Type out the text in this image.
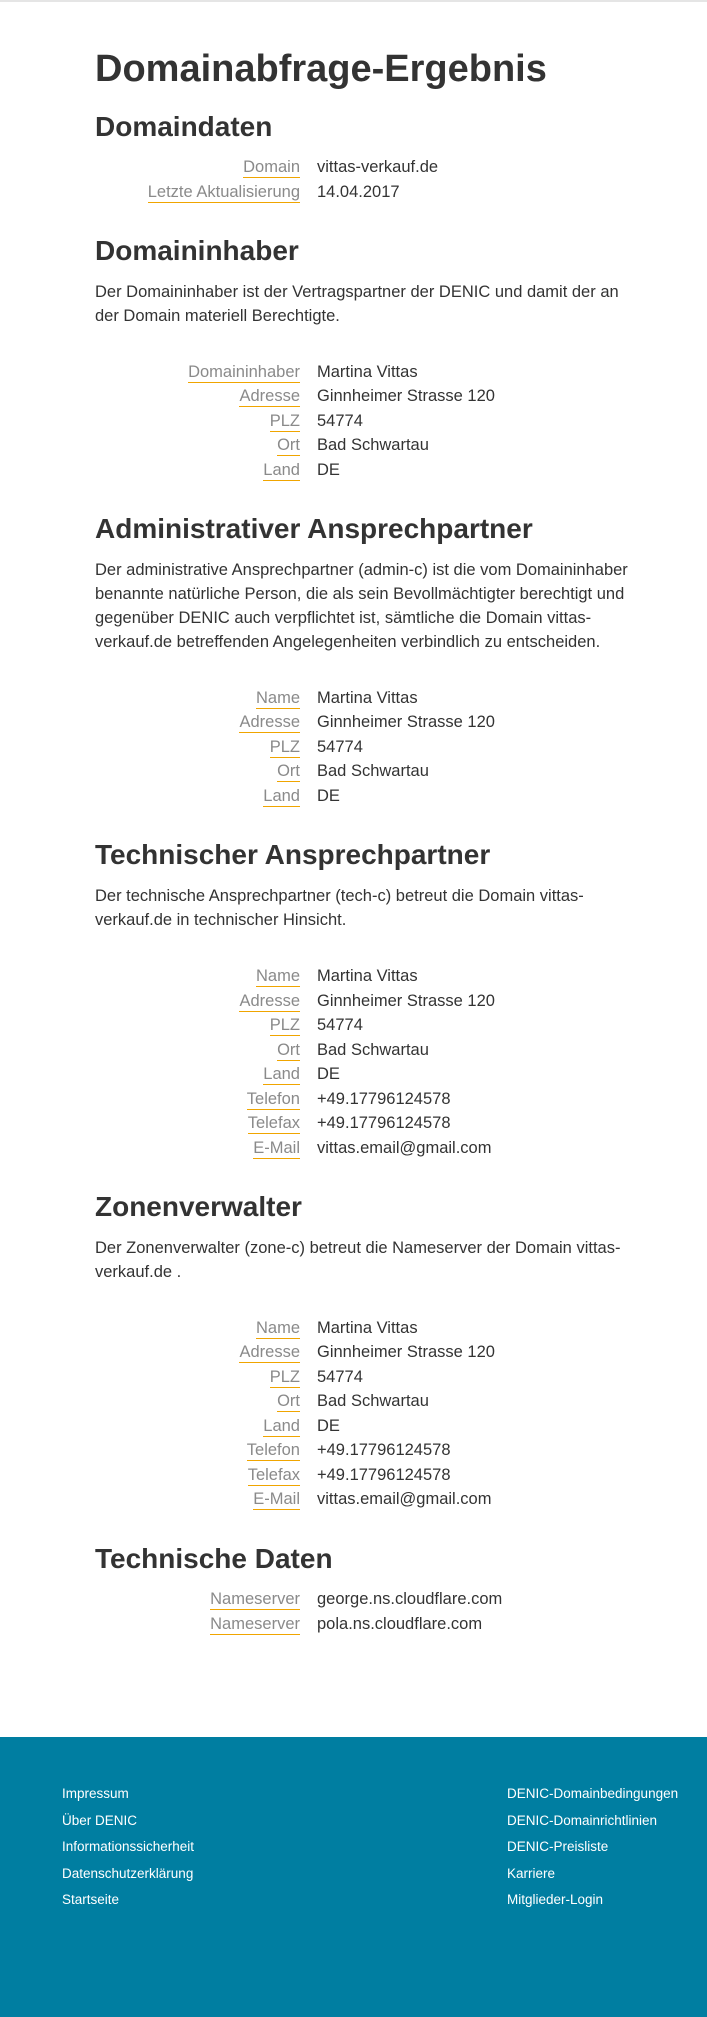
Domainabfrage-Ergebnis
Domaindaten
Domain	vittas-verkauf.de
Letzte Aktualisierung	14.04.2017
Domaininhaber

Der Domaininhaber ist der Vertragspartner der DENIC und damit der an der Domain materiell Berechtigte.

Domaininhaber	Martina Vittas
Adresse	Ginnheimer Strasse 120
PLZ	54774
Ort	Bad Schwartau
Land	DE
Administrativer Ansprechpartner

Der administrative Ansprechpartner (admin-c) ist die vom Domaininhaber benannte natürliche Person, die als sein Bevollmächtigter berechtigt und gegenüber DENIC auch verpflichtet ist, sämtliche die Domain vittas-verkauf.de betreffenden Angelegenheiten verbindlich zu entscheiden.

Name	Martina Vittas
Adresse	Ginnheimer Strasse 120
PLZ	54774
Ort	Bad Schwartau
Land	DE
Technischer Ansprechpartner

Der technische Ansprechpartner (tech-c) betreut die Domain vittas-verkauf.de in technischer Hinsicht.

Name	Martina Vittas
Adresse	Ginnheimer Strasse 120
PLZ	54774
Ort	Bad Schwartau
Land	DE
Telefon	+49.17796124578
Telefax	+49.17796124578
E-Mail	vittas.email@gmail.com
Zonenverwalter

Der Zonenverwalter (zone-c) betreut die Nameserver der Domain vittas-verkauf.de .

Name	Martina Vittas
Adresse	Ginnheimer Strasse 120
PLZ	54774
Ort	Bad Schwartau
Land	DE
Telefon	+49.17796124578
Telefax	+49.17796124578
E-Mail	vittas.email@gmail.com
Technische Daten
Nameserver	george.ns.cloudflare.com
Nameserver	pola.ns.cloudflare.com
Impressum
Über DENIC
Informationssicherheit
Datenschutzerklärung
Startseite
DENIC-Domainbedingungen
DENIC-Domainrichtlinien
DENIC-Preisliste
Karriere
Mitglieder-Login
